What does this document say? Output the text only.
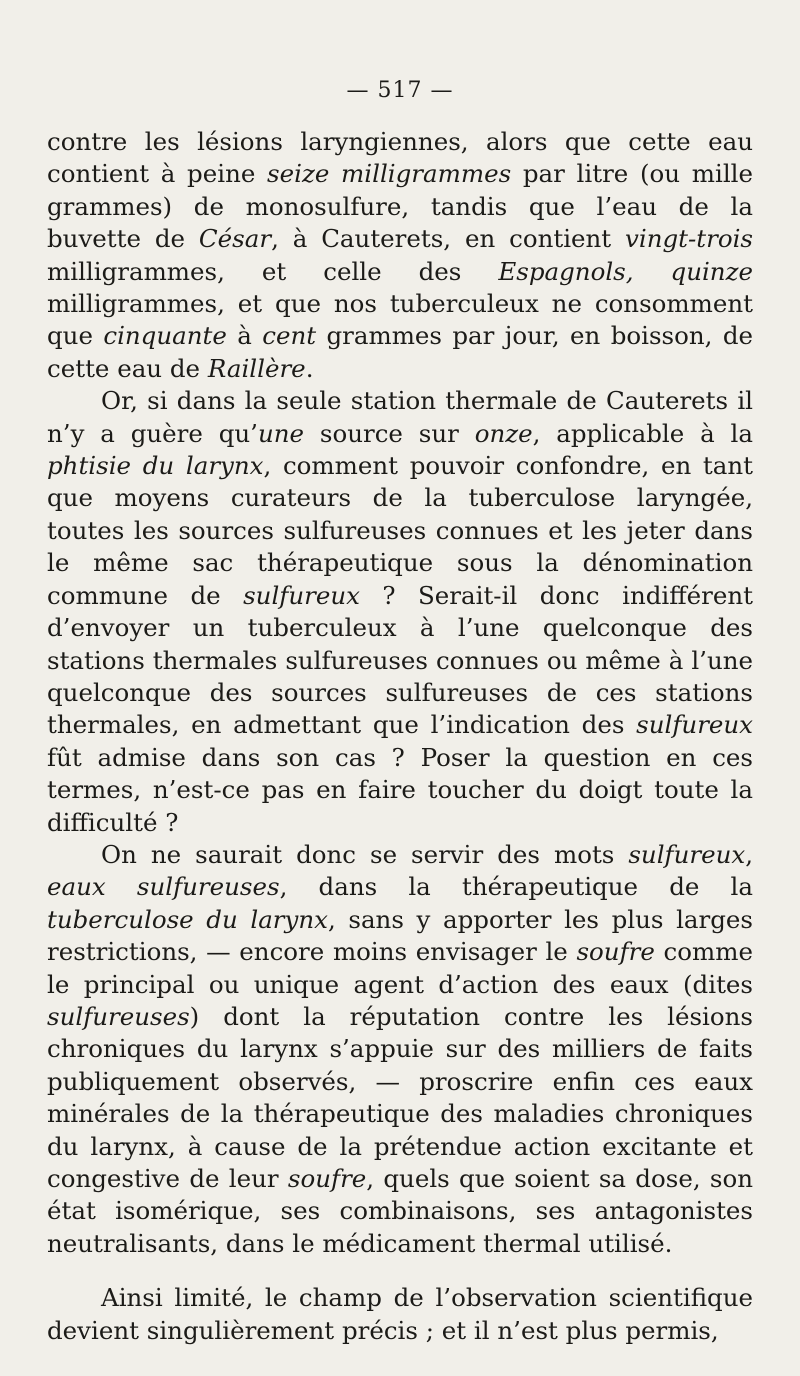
— 517 —

contre les lésions laryngiennes, alors que cette eau contient à peine seize milligrammes par litre (ou mille grammes) de monosulfure, tandis que l’eau de la buvette de César, à Cauterets, en contient vingt-trois milligrammes, et celle des Espagnols, quinze milligrammes, et que nos tuberculeux ne consomment que cinquante à cent grammes par jour, en boisson, de cette eau de Raillère.

Or, si dans la seule station thermale de Cauterets il n’y a guère qu’une source sur onze, applicable à la phtisie du larynx, comment pouvoir confondre, en tant que moyens curateurs de la tuberculose laryngée, toutes les sources sulfureuses connues et les jeter dans le même sac thérapeutique sous la dénomination commune de sulfureux ? Serait-il donc indifférent d’envoyer un tuberculeux à l’une quelconque des stations thermales sulfureuses connues ou même à l’une quelconque des sources sulfureuses de ces stations thermales, en admettant que l’indication des sulfureux fût admise dans son cas ? Poser la question en ces termes, n’est-ce pas en faire toucher du doigt toute la difficulté ?

On ne saurait donc se servir des mots sulfureux, eaux sulfureuses, dans la thérapeutique de la tuberculose du larynx, sans y apporter les plus larges restrictions, — encore moins envisager le soufre comme le principal ou unique agent d’action des eaux (dites sulfureuses) dont la réputation contre les lésions chroniques du larynx s’appuie sur des milliers de faits publiquement observés, — proscrire enfin ces eaux minérales de la thérapeutique des maladies chroniques du larynx, à cause de la prétendue action excitante et congestive de leur soufre, quels que soient sa dose, son état isomérique, ses combinaisons, ses antagonistes neutralisants, dans le médicament thermal utilisé.

Ainsi limité, le champ de l’observation scientifique devient singulièrement précis ; et il n’est plus permis,
